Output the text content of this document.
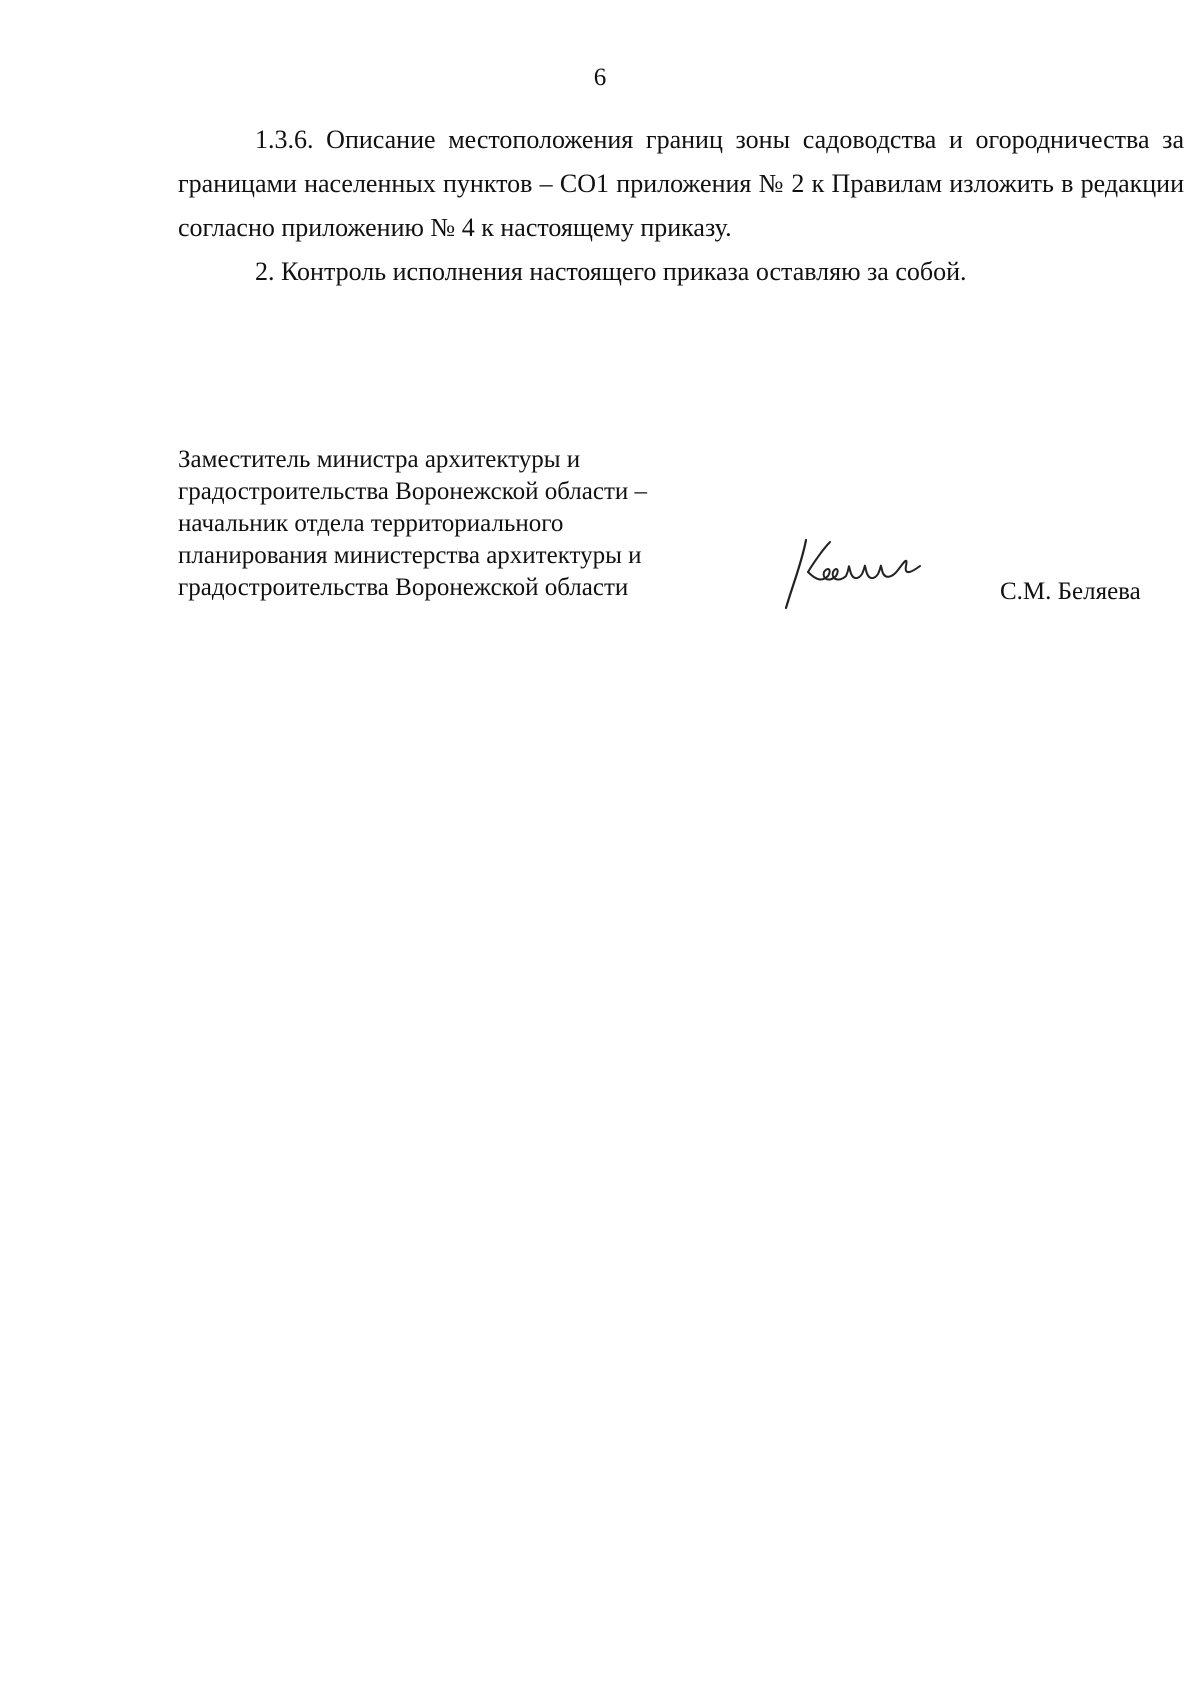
6

1.3.6. Описание местоположения границ зоны садоводства и огородничества за границами населенных пунктов – СО1 приложения № 2 к Правилам изложить в редакции согласно приложению № 4 к настоящему приказу.

2. Контроль исполнения настоящего приказа оставляю за собой.

Заместитель министра архитектуры и
градостроительства Воронежской области –
начальник отдела территориального
планирования министерства архитектуры и
градостроительства Воронежской области	С.М. Беляева
